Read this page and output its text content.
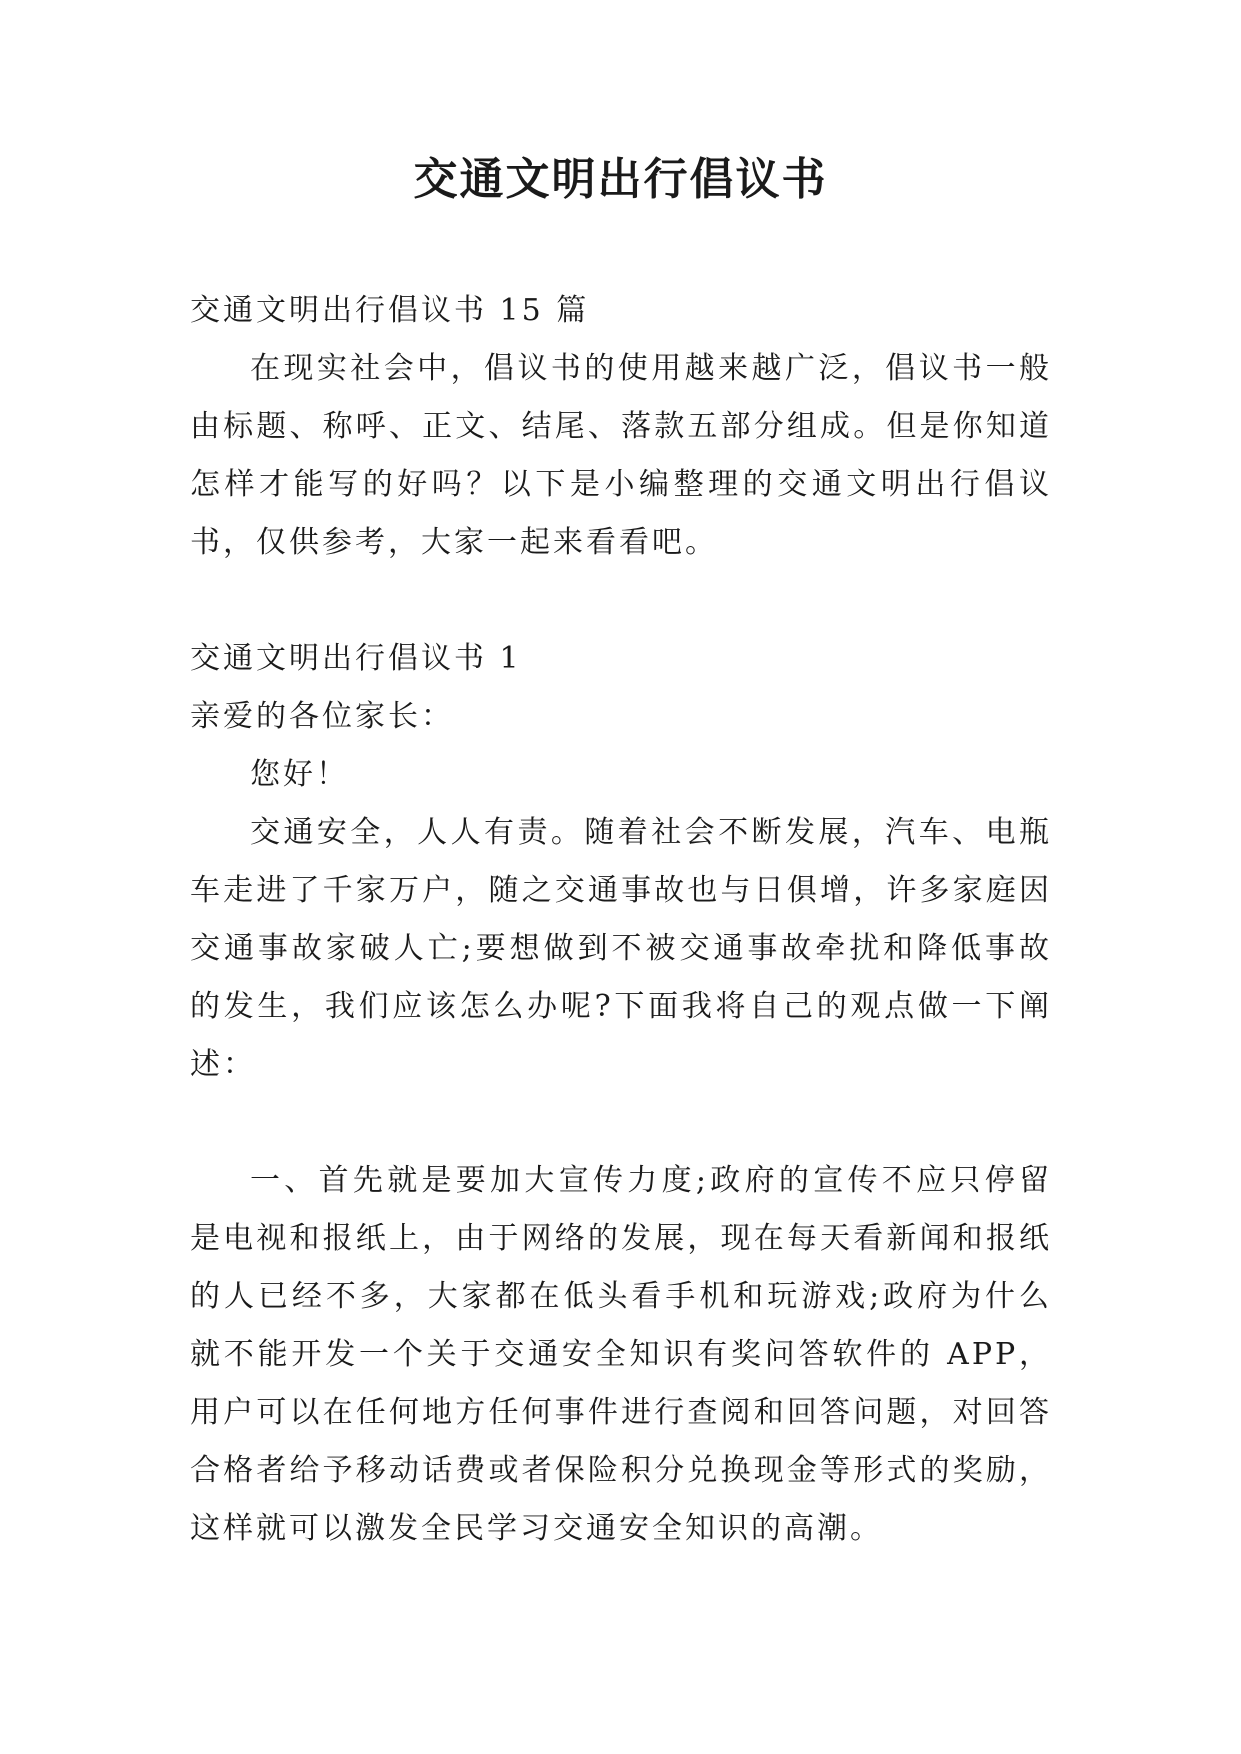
交通文明出行倡议书

交通文明出行倡议书 15 篇

在现实社会中，倡议书的使用越来越广泛，倡议书一般由标题、称呼、正文、结尾、落款五部分组成。但是你知道怎样才能写的好吗？以下是小编整理的交通文明出行倡议书，仅供参考，大家一起来看看吧。

交通文明出行倡议书 1

亲爱的各位家长：

您好！

交通安全，人人有责。随着社会不断发展，汽车、电瓶车走进了千家万户，随之交通事故也与日俱增，许多家庭因交通事故家破人亡;要想做到不被交通事故牵扰和降低事故的发生，我们应该怎么办呢?下面我将自己的观点做一下阐述：

一、首先就是要加大宣传力度;政府的宣传不应只停留是电视和报纸上，由于网络的发展，现在每天看新闻和报纸的人已经不多，大家都在低头看手机和玩游戏;政府为什么就不能开发一个关于交通安全知识有奖问答软件的 APP，用户可以在任何地方任何事件进行查阅和回答问题，对回答合格者给予移动话费或者保险积分兑换现金等形式的奖励，这样就可以激发全民学习交通安全知识的高潮。
